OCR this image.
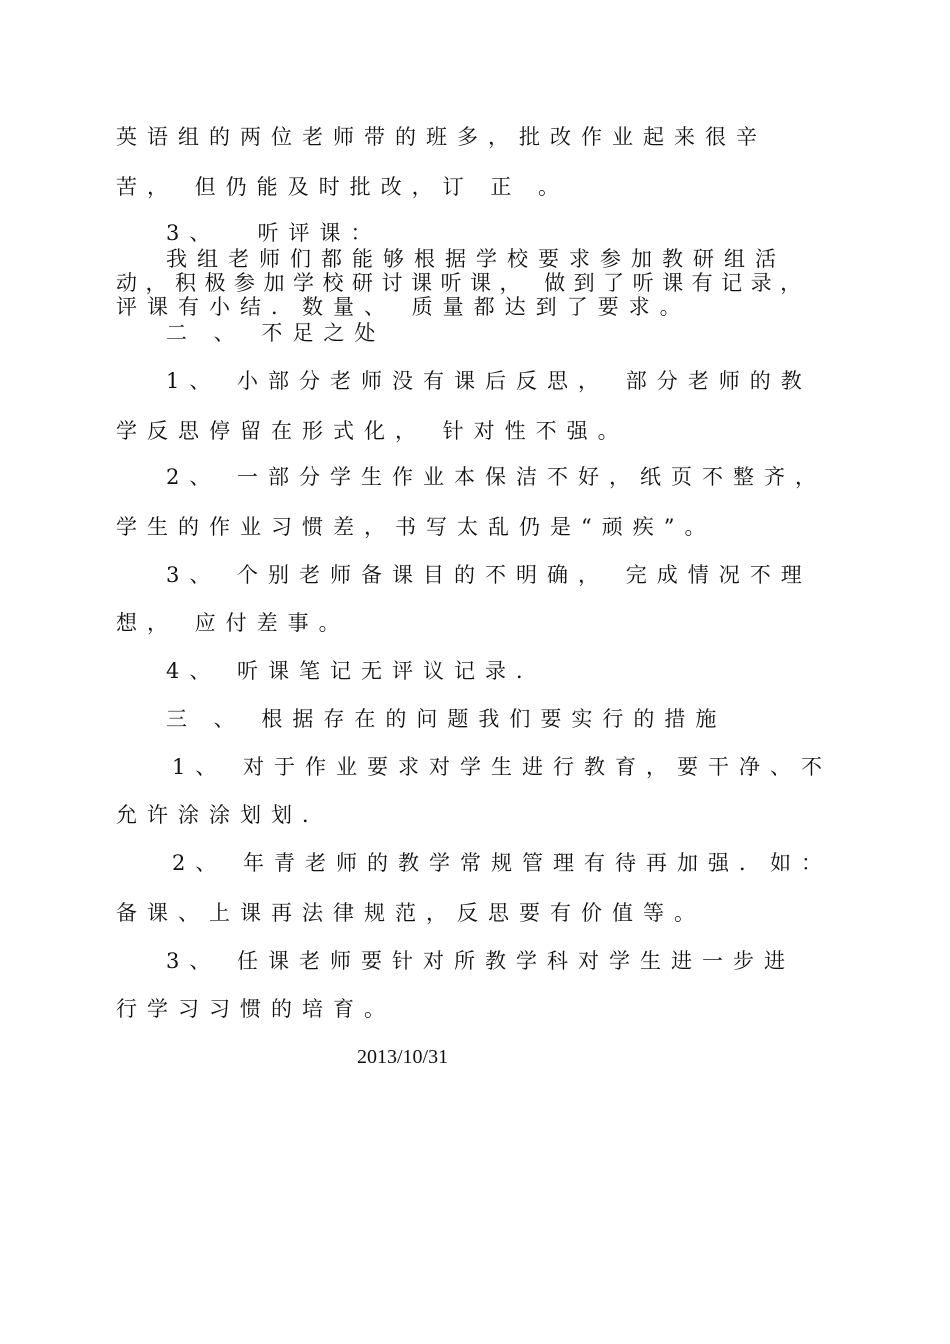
英语组的两位老师带的班多，批改作业起来很辛

苦， 但仍能及时批改，订 正 。

3、　 听评课：

我组老师们都能够根据学校要求参加教研组活

动，积极参加学校研讨课听课， 做到了听课有记录，

评课有小结．数量、 质量都达到了要求。

二 、 不足之处

1、 小部分老师没有课后反思， 部分老师的教

学反思停留在形式化， 针对性不强。

2、 一部分学生作业本保洁不好，纸页不整齐，

学生的作业习惯差，书写太乱仍是“顽疾”。

3、 个别老师备课目的不明确， 完成情况不理

想， 应付差事。

4、 听课笔记无评议记录．

三 、 根据存在的问题我们要实行的措施

1、 对于作业要求对学生进行教育，要干净、不

允许涂涂划划．

2、 年青老师的教学常规管理有待再加强．如：

备课、上课再法律规范，反思要有价值等。

3、 任课老师要针对所教学科对学生进一步进

行学习习惯的培育。

2013/10/31
